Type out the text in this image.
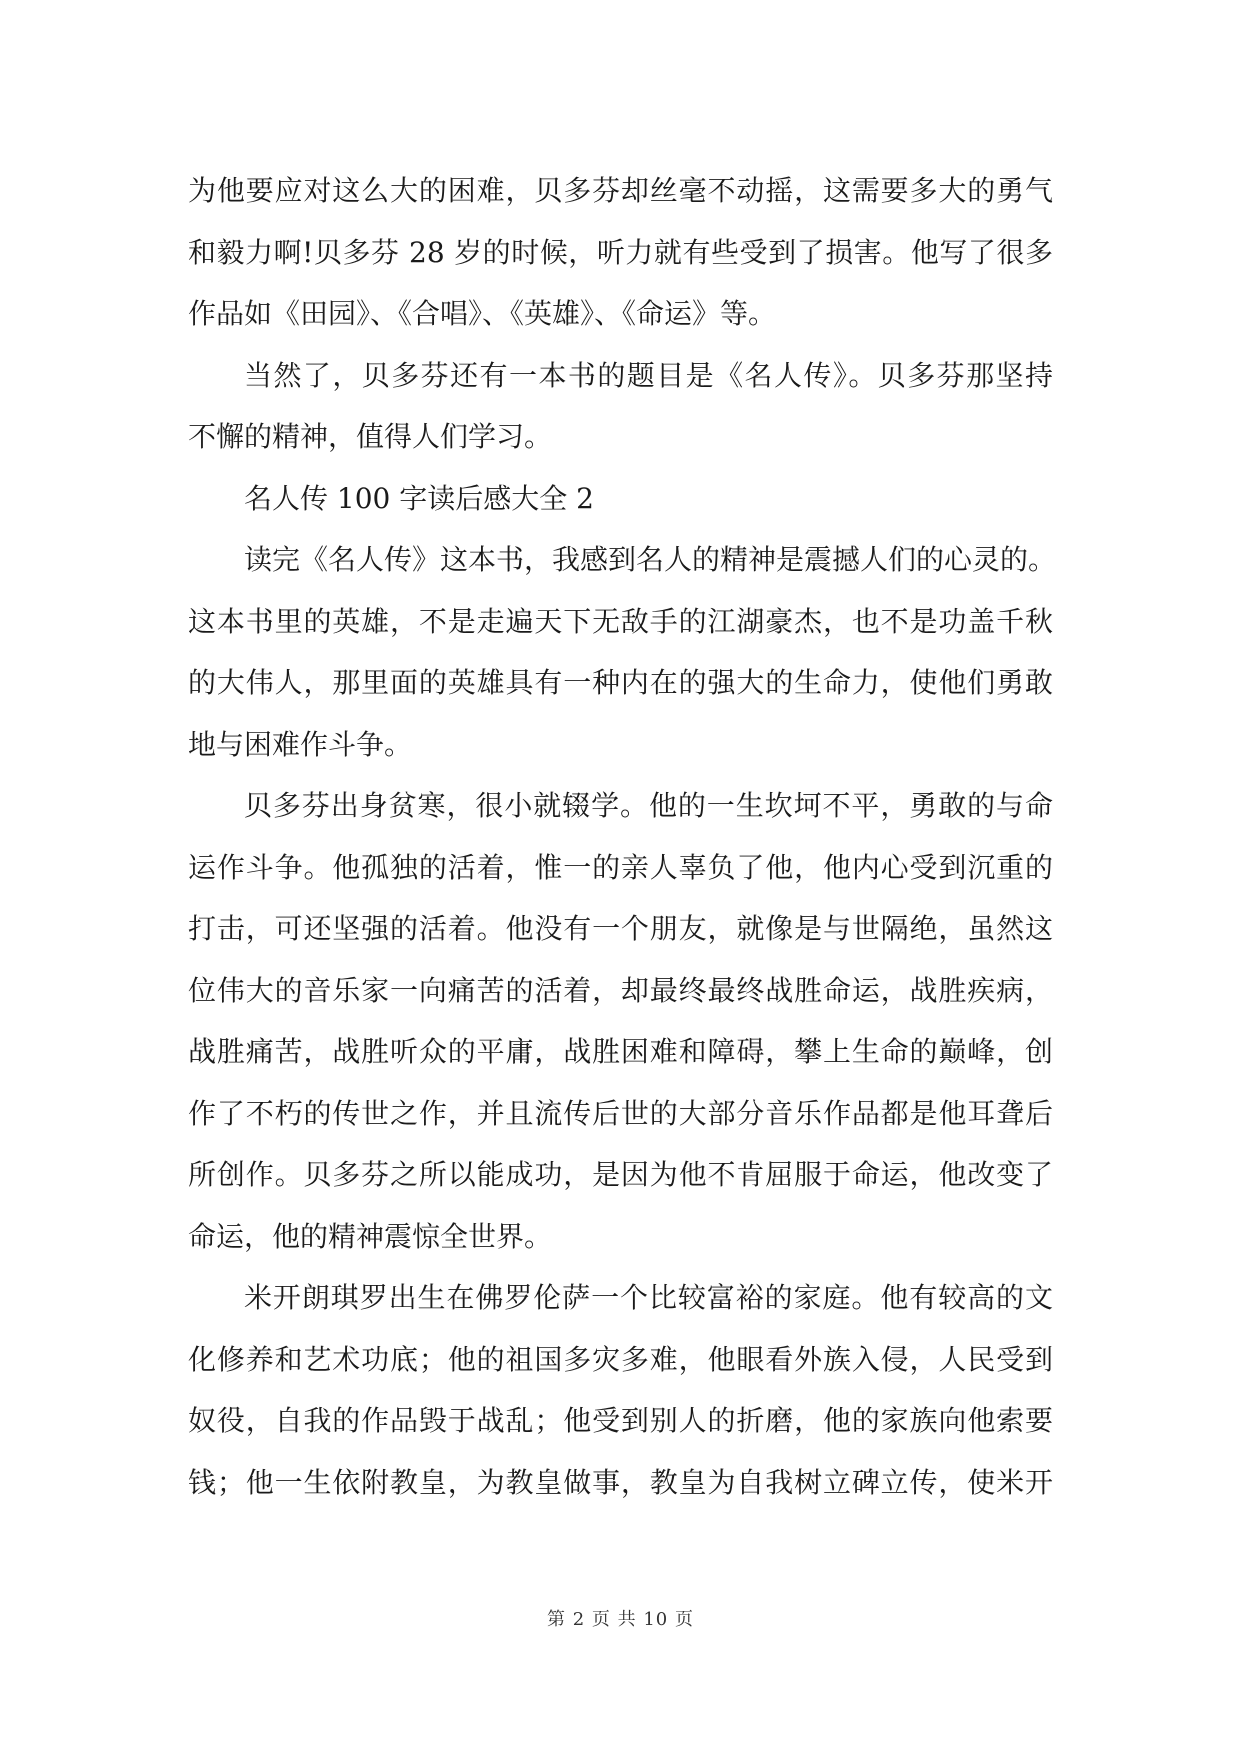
为他要应对这么大的困难，贝多芬却丝毫不动摇，这需要多大的勇气
和毅力啊!贝多芬 28 岁的时候，听力就有些受到了损害。他写了很多
作品如《田园》、《合唱》、《英雄》、《命运》等。
当然了，贝多芬还有一本书的题目是《名人传》。贝多芬那坚持
不懈的精神，值得人们学习。
名人传 100 字读后感大全 2
读完《名人传》这本书，我感到名人的精神是震撼人们的心灵的。
这本书里的英雄，不是走遍天下无敌手的江湖豪杰，也不是功盖千秋
的大伟人，那里面的英雄具有一种内在的强大的生命力，使他们勇敢
地与困难作斗争。
贝多芬出身贫寒，很小就辍学。他的一生坎坷不平，勇敢的与命
运作斗争。他孤独的活着，惟一的亲人辜负了他，他内心受到沉重的
打击，可还坚强的活着。他没有一个朋友，就像是与世隔绝，虽然这
位伟大的音乐家一向痛苦的活着，却最终最终战胜命运，战胜疾病，
战胜痛苦，战胜听众的平庸，战胜困难和障碍，攀上生命的巅峰，创
作了不朽的传世之作，并且流传后世的大部分音乐作品都是他耳聋后
所创作。贝多芬之所以能成功，是因为他不肯屈服于命运，他改变了
命运，他的精神震惊全世界。
米开朗琪罗出生在佛罗伦萨一个比较富裕的家庭。他有较高的文
化修养和艺术功底；他的祖国多灾多难，他眼看外族入侵，人民受到
奴役，自我的作品毁于战乱；他受到别人的折磨，他的家族向他索要
钱；他一生依附教皇，为教皇做事，教皇为自我树立碑立传，使米开
第 2 页 共 10 页
